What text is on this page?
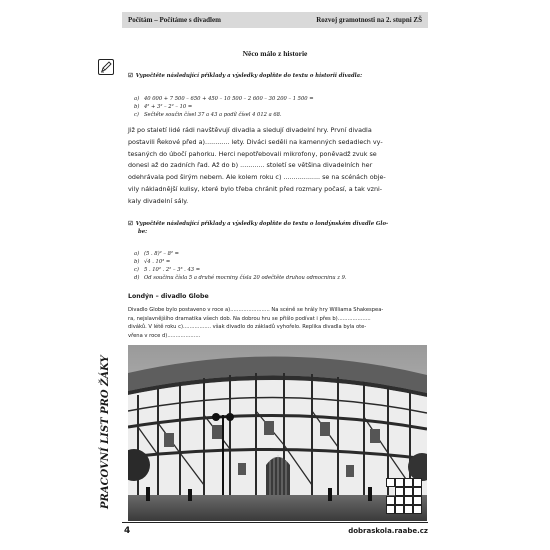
Počítám – Počítáme s divadlem	Rozvoj gramotnosti na 2. stupni ZŠ
Něco málo z historie
☑ Vypočtěte následující příklady a výsledky doplňte do textu o historii divadla:
a) 40 000 + 7 500 – 650 + 450 – 10 500 – 2 600 – 30 200 – 1 500 =
b) 4² + 3² – 2² – 10 =
c) Sečtěte součin čísel 37 a 43 a podíl čísel 4 012 a 68.
Již po staletí lidé rádi navštěvují divadla a sledují divadelní hry. První divadla
postavili Řekové před a)............ lety. Diváci seděli na kamenných sedadlech vy-
tesaných do úbočí pahorku. Herci nepotřebovali mikrofony, poněvadž zvuk se
donesl až do zadních řad. Až do b) ............ století se většina divadelních her
odehrávala pod širým nebem. Ale kolem roku c) .................. se na scénách obje-
vily nákladnější kulisy, které bylo třeba chránit před rozmary počasí, a tak vzni-
kaly divadelní sály.
☑ Vypočtěte následující příklady a výsledky doplňte do textu o londýnském divadle Glo-
be:
a) (5 . 8)² – 8² =
b) √4 . 10³ =
c) 5 . 10² . 2² – 3³ . 43 =
d) Od součinu čísla 5 a druhé mocniny čísla 20 odečtěte druhou odmocninu z 9.
Londýn – divadlo Globe
Divadlo Globe bylo postaveno v roce a)........................ Na scéně se hrály hry Williama Shakespea-
ra, nejslavnějšího dramatika všech dob. Na dobrou hru se přišlo podívat i přes b)....................
diváků. V létě roku c)................. však divadlo do základů vyhořelo. Replika divadla byla ote-
vřena v roce d)....................
PRACOVNÍ LIST PRO ŽÁKY
4	dobraskola.raabe.cz
